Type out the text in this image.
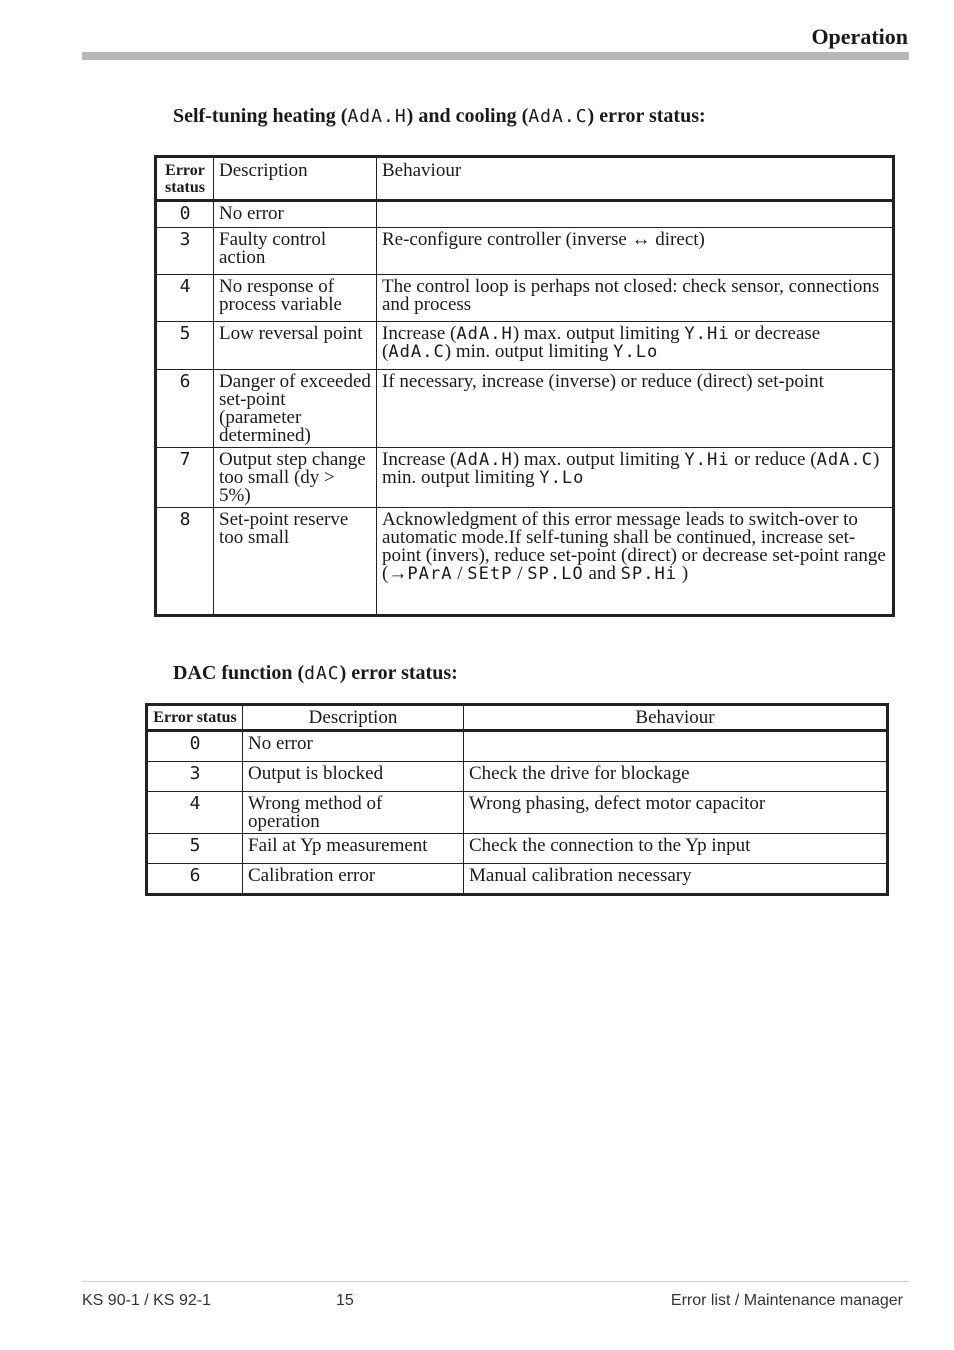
Operation
Self-tuning heating (AdA.H) and cooling (AdA.C) error status:
Error status	Description	Behaviour
0	No error	
3	Faulty control action	Re-configure controller (inverse ↔ direct)
4	No response of process variable	The control loop is perhaps not closed: check sensor, connections and process
5	Low reversal point	Increase (AdA.H) max. output limiting Y.Hi or decrease (AdA.C) min. output limiting Y.Lo
6	Danger of exceeded set-point (parameter determined)	If necessary, increase (inverse) or reduce (direct) set-point
7	Output step change too small (dy > 5%)	Increase (AdA.H) max. output limiting Y.Hi or reduce (AdA.C) min. output limiting Y.Lo
8	Set-point reserve too small	Acknowledgment of this error message leads to switch-over to automatic mode.If self-tuning shall be continued, increase set-point (invers), reduce set-point (direct) or decrease set-point range
(→PArA / SEtP / SP.LO and SP.Hi )
DAC function (dAC) error status:
Error status	Description	Behaviour
0	No error	
3	Output is blocked	Check the drive for blockage
4	Wrong method of operation	Wrong phasing, defect motor capacitor
5	Fail at Yp measurement	Check the connection to the Yp input
6	Calibration error	Manual calibration necessary
KS 90-1 / KS 92-1	15	Error list / Maintenance manager
